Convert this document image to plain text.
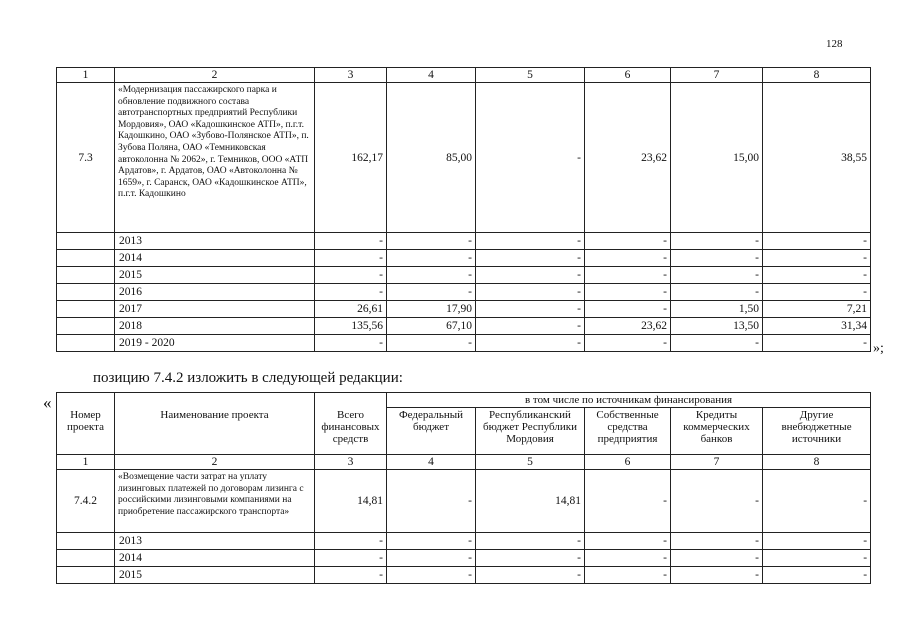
128
1	2	3	4	5	6	7	8
7.3	«Модернизация пассажирского парка и обновление подвижного состава автотранспортных предприятий Республики Мордовия», ОАО «Кадошкинское АТП», п.г.т. Кадошкино, ОАО «Зубово-Полянское АТП», п. Зубова Поляна, ОАО «Темниковская автоколонна № 2062», г. Темников, ООО «АТП Ардатов», г. Ардатов, ОАО «Автоколонна № 1659», г. Саранск, ОАО «Кадошкинское АТП», п.г.т. Кадошкино	162,17	85,00	-	23,62	15,00	38,55
	2013	-	-	-	-	-	-
	2014	-	-	-	-	-	-
	2015	-	-	-	-	-	-
	2016	-	-	-	-	-	-
	2017	26,61	17,90	-	-	1,50	7,21
	2018	135,56	67,10	-	23,62	13,50	31,34
	2019 - 2020	-	-	-	-	-	- »;
позицию 7.4.2 изложить в следующей редакции:
«
Номер проекта	Наименование проекта	Всего финансовых средств	в том числе по источникам финансирования				
			Федеральный бюджет	Республиканский бюджет Республики Мордовия	Собственные средства предприятия	Кредиты коммерческих банков	Другие внебюджетные источники
1	2	3	4	5	6	7	8
7.4.2	«Возмещение части затрат на уплату лизинговых платежей по договорам лизинга с российскими лизинговыми компаниями на приобретение пассажирского транспорта»	14,81	-	14,81	-	-	-
	2013	-	-	-	-	-	-
	2014	-	-	-	-	-	-
	2015	-	-	-	-	-	-
